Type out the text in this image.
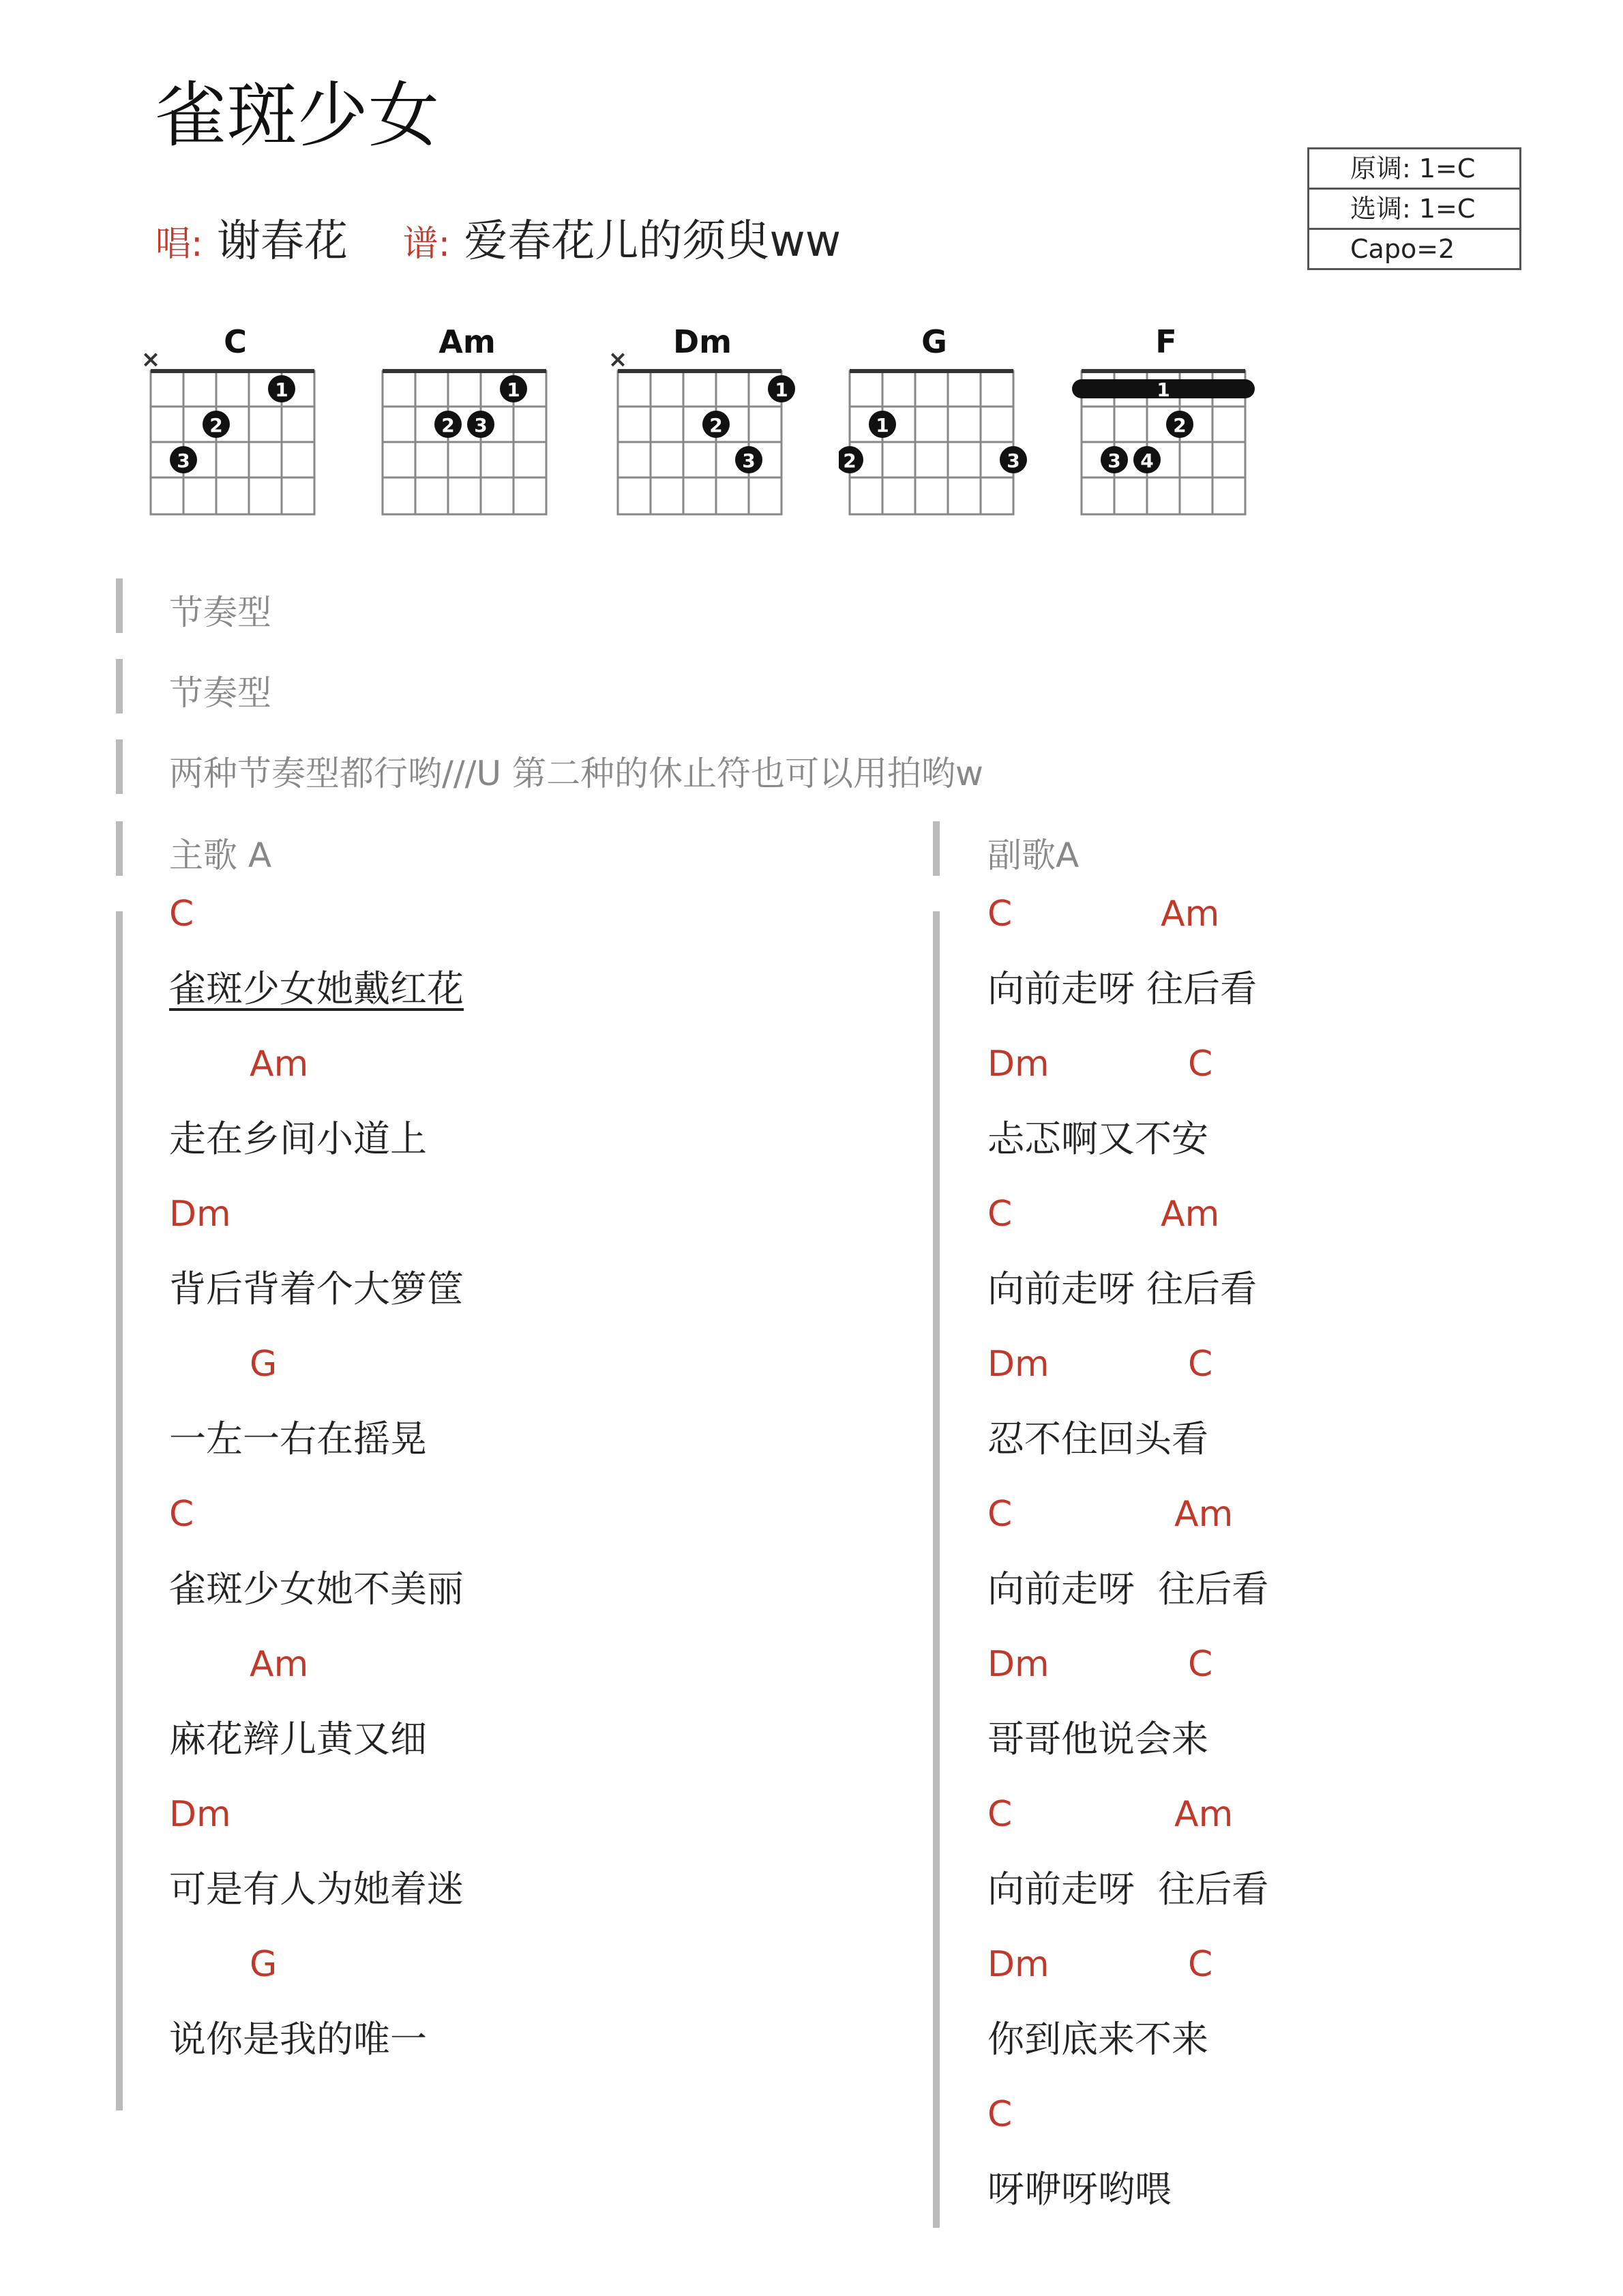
雀斑少女
唱: 谢春花 谱: 爱春花儿的须臾ww
原调: 1=C
选调: 1=C
Capo=2
C
×
1
2
3
Am
1
2 3
Dm
×
1
2
3
G
1
2	3
F
1
2
3 4
节奏型
节奏型
两种节奏型都行哟///U 第二种的休止符也可以用拍哟w
主歌 A
C
雀斑少女她戴红花
Am
走在乡间小道上
Dm
背后背着个大箩筐
G
一左一右在摇晃
C
雀斑少女她不美丽
Am
麻花辫儿黄又细
Dm
可是有人为她着迷
G
说你是我的唯一
副歌A
C	Am
向前走呀 往后看
Dm	C
忐忑啊又不安
C	Am
向前走呀 往后看
Dm	C
忍不住回头看
C	Am
向前走呀  往后看
Dm	C
哥哥他说会来
C	Am
向前走呀  往后看
Dm	C
你到底来不来
C
呀咿呀哟喂
